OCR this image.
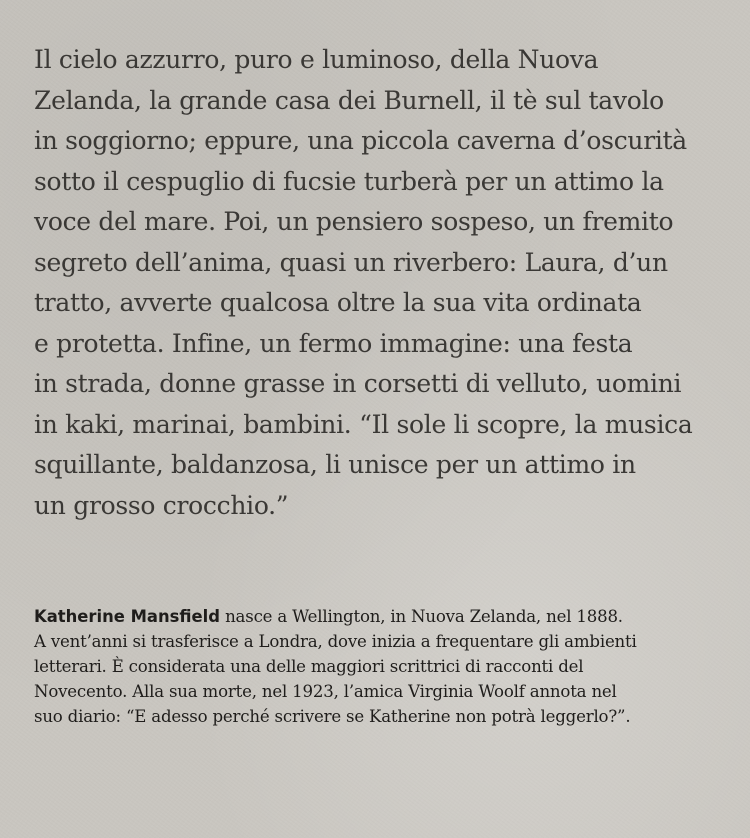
Il cielo azzurro, puro e luminoso, della Nuova
Zelanda, la grande casa dei Burnell, il tè sul tavolo
in soggiorno; eppure, una piccola caverna d’oscurità
sotto il cespuglio di fucsie turberà per un attimo la
voce del mare. Poi, un pensiero sospeso, un fremito
segreto dell’anima, quasi un riverbero: Laura, d’un
tratto, avverte qualcosa oltre la sua vita ordinata
e protetta. Infine, un fermo immagine: una festa
in strada, donne grasse in corsetti di velluto, uomini
in kaki, marinai, bambini. “Il sole li scopre, la musica
squillante, baldanzosa, li unisce per un attimo in
un grosso crocchio.”
Katherine Mansfield nasce a Wellington, in Nuova Zelanda, nel 1888.
A vent’anni si trasferisce a Londra, dove inizia a frequentare gli ambienti
letterari. È considerata una delle maggiori scrittrici di racconti del
Novecento. Alla sua morte, nel 1923, l’amica Virginia Woolf annota nel
suo diario: “E adesso perché scrivere se Katherine non potrà leggerlo?”.
